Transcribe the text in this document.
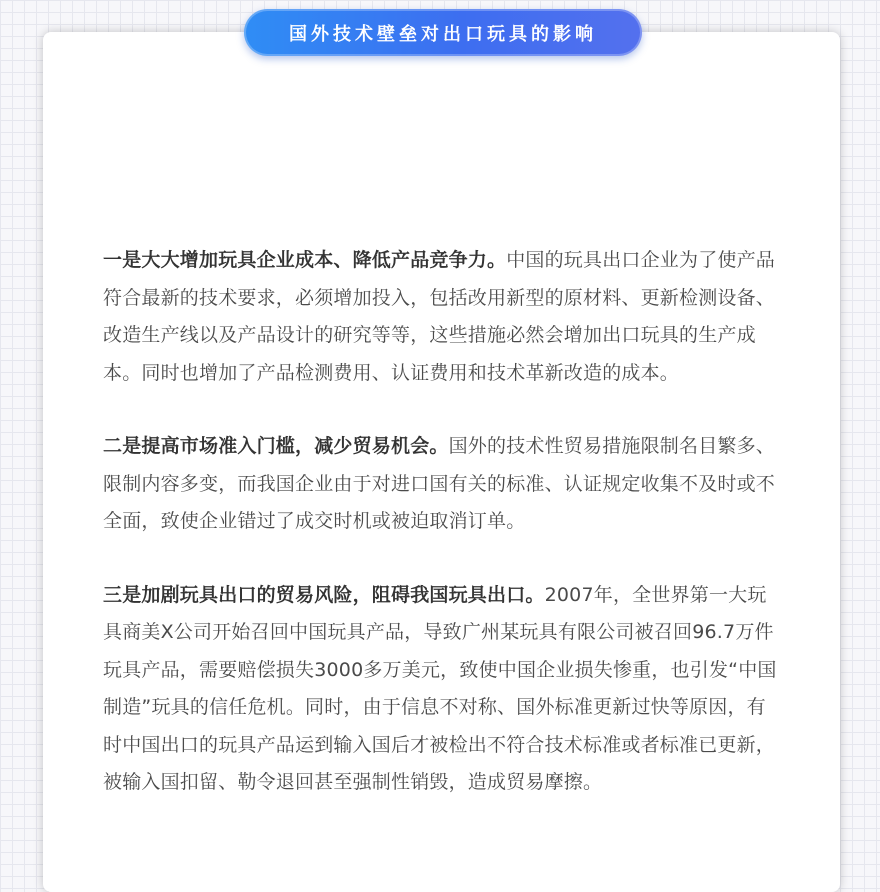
国外技术壁垒对出口玩具的影响

一是大大增加玩具企业成本、降低产品竞争力。中国的玩具出口企业为了使产品符合最新的技术要求，必须增加投入，包括改用新型的原材料、更新检测设备、改造生产线以及产品设计的研究等等，这些措施必然会增加出口玩具的生产成本。同时也增加了产品检测费用、认证费用和技术革新改造的成本。

二是提高市场准入门槛，减少贸易机会。国外的技术性贸易措施限制名目繁多、限制内容多变，而我国企业由于对进口国有关的标准、认证规定收集不及时或不全面，致使企业错过了成交时机或被迫取消订单。

三是加剧玩具出口的贸易风险，阻碍我国玩具出口。2007年，全世界第一大玩具商美X公司开始召回中国玩具产品，导致广州某玩具有限公司被召回96.7万件玩具产品，需要赔偿损失3000多万美元，致使中国企业损失惨重，也引发“中国制造”玩具的信任危机。同时，由于信息不对称、国外标准更新过快等原因，有时中国出口的玩具产品运到输入国后才被检出不符合技术标准或者标准已更新，被输入国扣留、勒令退回甚至强制性销毁，造成贸易摩擦。
